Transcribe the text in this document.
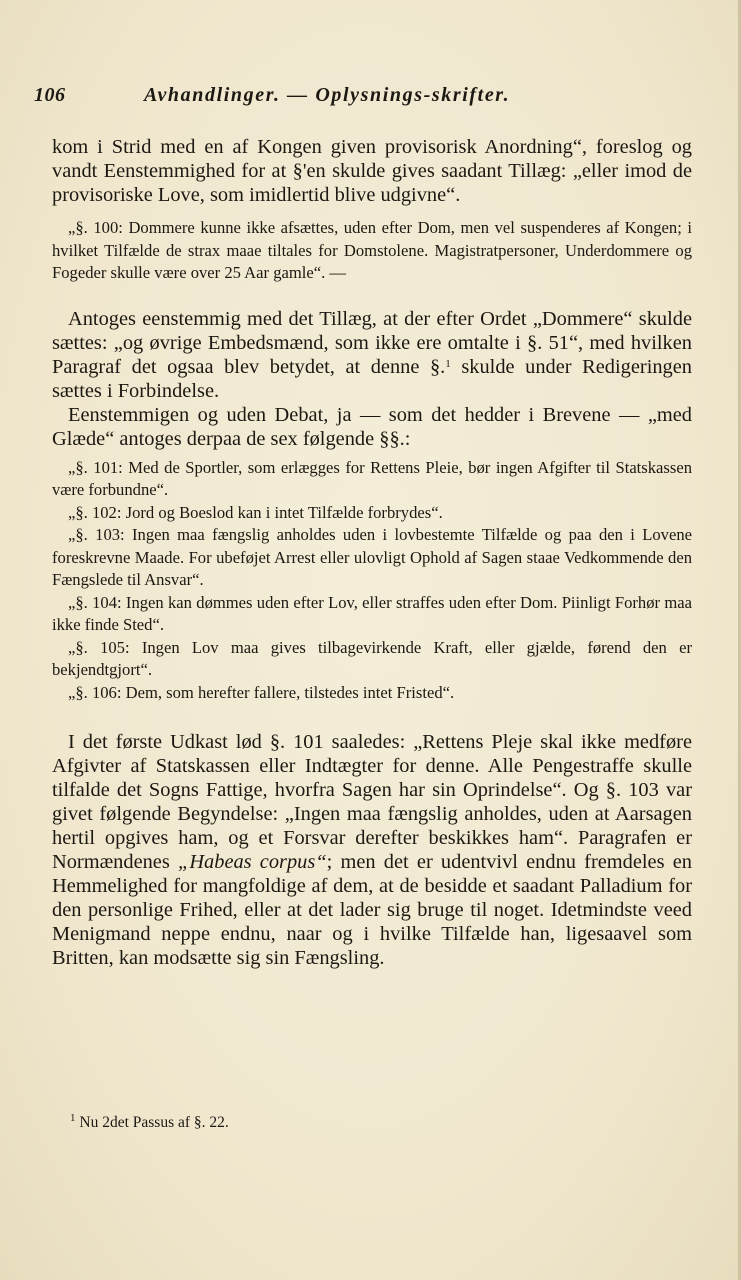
106	Avhandlinger. — Oplysnings-skrifter.

kom i Strid med en af Kongen given provisorisk Anordning“, foreslog og vandt Eenstemmighed for at §'en skulde gives saadant Tillæg: „eller imod de provisoriske Love, som imidlertid blive udgivne“.

„§. 100: Dommere kunne ikke afsættes, uden efter Dom, men vel suspenderes af Kongen; i hvilket Tilfælde de strax maae tiltales for Domstolene. Magistratpersoner, Underdommere og Fogeder skulle være over 25 Aar gamle“. —

Antoges eenstemmig med det Tillæg, at der efter Ordet „Dommere“ skulde sættes: „og øvrige Embedsmænd, som ikke ere omtalte i §. 51“, med hvilken Paragraf det ogsaa blev betydet, at denne §.$^1$ skulde under Redigeringen sættes i Forbindelse.

Eenstemmigen og uden Debat, ja — som det hedder i Brevene — „med Glæde“ antoges derpaa de sex følgende §§.:

„§. 101: Med de Sportler, som erlægges for Rettens Pleie, bør ingen Afgifter til Statskassen være forbundne“.

„§. 102: Jord og Boeslod kan i intet Tilfælde forbrydes“.

„§. 103: Ingen maa fængslig anholdes uden i lovbestemte Tilfælde og paa den i Lovene foreskrevne Maade. For ubeføjet Arrest eller ulovligt Ophold af Sagen staae Vedkommende den Fængslede til Ansvar“.

„§. 104: Ingen kan dømmes uden efter Lov, eller straffes uden efter Dom. Piinligt Forhør maa ikke finde Sted“.

„§. 105: Ingen Lov maa gives tilbagevirkende Kraft, eller gjælde, førend den er bekjendtgjort“.

„§. 106: Dem, som herefter fallere, tilstedes intet Fristed“.

I det første Udkast lød §. 101 saaledes: „Rettens Pleje skal ikke medføre Afgivter af Statskassen eller Indtægter for denne. Alle Pengestraffe skulle tilfalde det Sogns Fattige, hvorfra Sagen har sin Oprindelse“. Og §. 103 var givet følgende Begyndelse: „Ingen maa fængslig anholdes, uden at Aarsagen hertil opgives ham, og et Forsvar derefter beskikkes ham“. Paragrafen er Normændenes „Habeas corpus“; men det er udentvivl endnu fremdeles en Hemmelighed for mangfoldige af dem, at de besidde et saadant Palladium for den personlige Frihed, eller at det lader sig bruge til noget. Idetmindste veed Menigmand neppe endnu, naar og i hvilke Tilfælde han, ligesaavel som Britten, kan modsætte sig sin Fængsling.

$^1$ Nu 2det Passus af §. 22.
